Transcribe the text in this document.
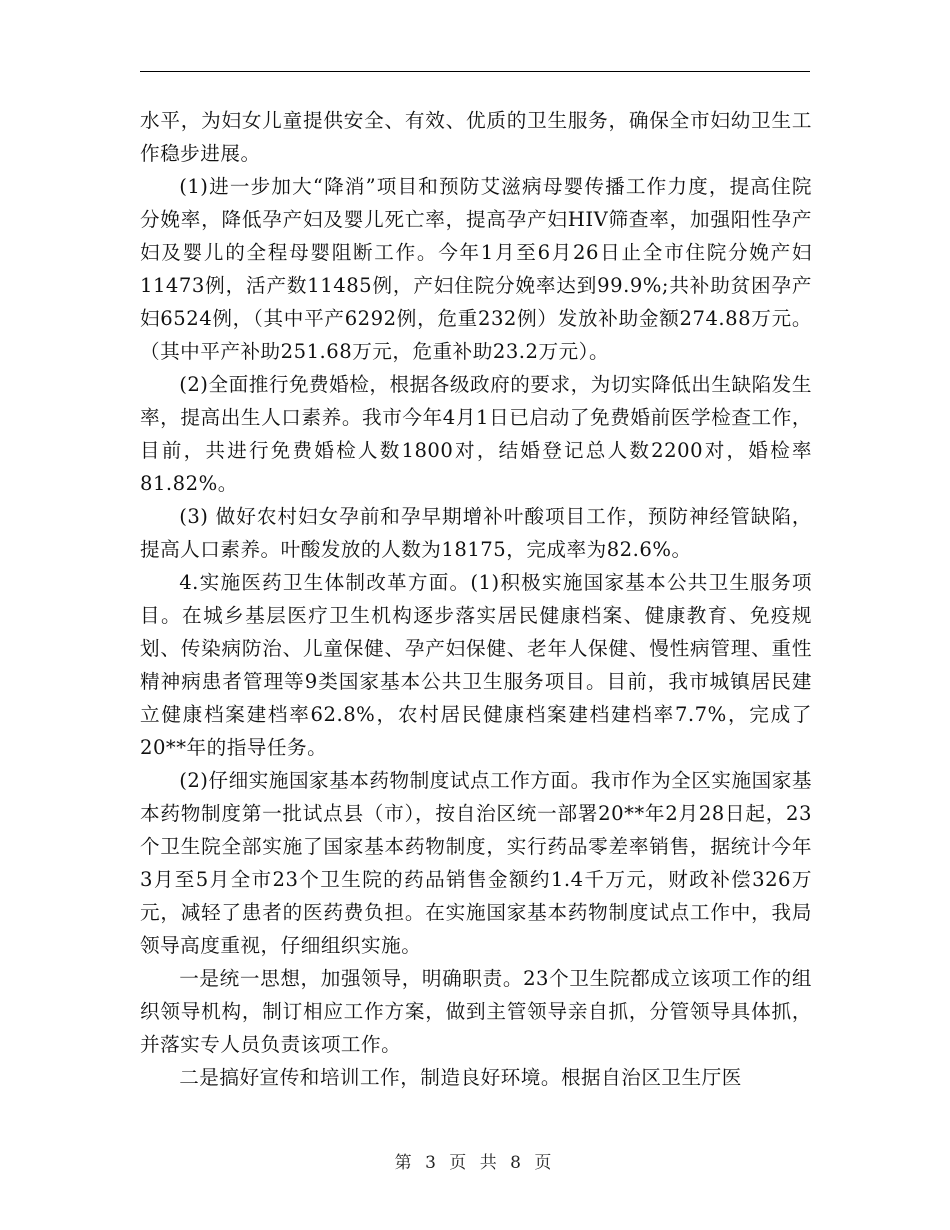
水平，为妇女儿童提供安全、有效、优质的卫生服务，确保全市妇幼卫生工作稳步进展。

(1)进一步加大“降消”项目和预防艾滋病母婴传播工作力度，提高住院分娩率，降低孕产妇及婴儿死亡率，提高孕产妇HIV筛查率，加强阳性孕产妇及婴儿的全程母婴阻断工作。今年1月至6月26日止全市住院分娩产妇11473例，活产数11485例，产妇住院分娩率达到99.9%;共补助贫困孕产妇6524例，（其中平产6292例，危重232例）发放补助金额274.88万元。（其中平产补助251.68万元，危重补助23.2万元）。

(2)全面推行免费婚检，根据各级政府的要求，为切实降低出生缺陷发生率，提高出生人口素养。我市今年4月1日已启动了免费婚前医学检查工作，目前，共进行免费婚检人数1800对，结婚登记总人数2200对，婚检率81.82%。

(3) 做好农村妇女孕前和孕早期增补叶酸项目工作，预防神经管缺陷，提高人口素养。叶酸发放的人数为18175，完成率为82.6%。

4.实施医药卫生体制改革方面。(1)积极实施国家基本公共卫生服务项目。在城乡基层医疗卫生机构逐步落实居民健康档案、健康教育、免疫规划、传染病防治、儿童保健、孕产妇保健、老年人保健、慢性病管理、重性精神病患者管理等9类国家基本公共卫生服务项目。目前，我市城镇居民建立健康档案建档率62.8%，农村居民健康档案建档建档率7.7%，完成了20**年的指导任务。

(2)仔细实施国家基本药物制度试点工作方面。我市作为全区实施国家基本药物制度第一批试点县（市），按自治区统一部署20**年2月28日起，23个卫生院全部实施了国家基本药物制度，实行药品零差率销售，据统计今年3月至5月全市23个卫生院的药品销售金额约1.4千万元，财政补偿326万元，减轻了患者的医药费负担。在实施国家基本药物制度试点工作中，我局领导高度重视，仔细组织实施。

一是统一思想，加强领导，明确职责。23个卫生院都成立该项工作的组织领导机构，制订相应工作方案，做到主管领导亲自抓，分管领导具体抓，并落实专人员负责该项工作。

二是搞好宣传和培训工作，制造良好环境。根据自治区卫生厅医

第 3 页 共 8 页
